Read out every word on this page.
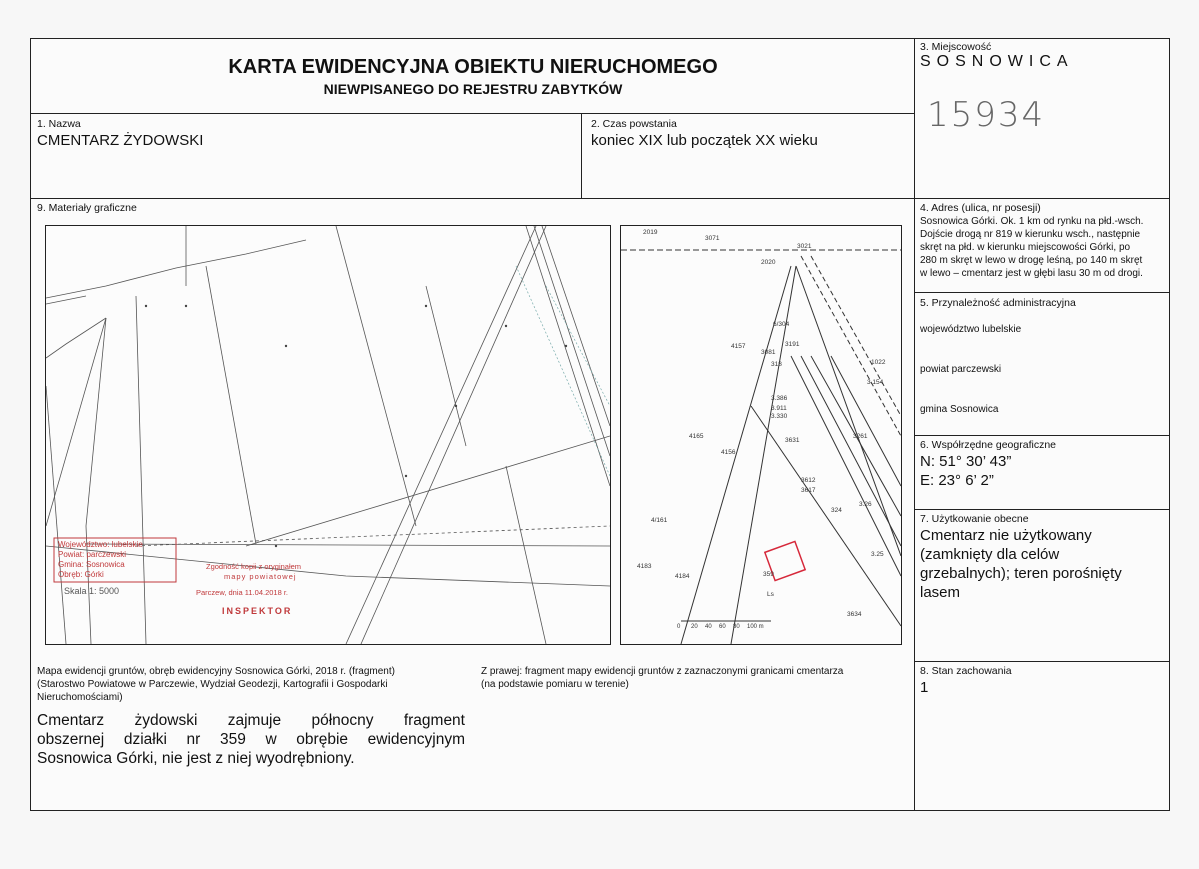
KARTA EWIDENCYJNA OBIEKTU NIERUCHOMEGO
NIEWPISANEGO DO REJESTRU ZABYTKÓW
3. Miejscowość
SOSNOWICA
15934
1. Nazwa
CMENTARZ ŻYDOWSKI
2. Czas powstania
koniec XIX lub początek XX wieku
9. Materiały graficzne	4. Adres (ulica, nr posesji)
Sosnowica Górki. Ok. 1 km od rynku na płd.-wsch.
Dojście drogą nr 819 w kierunku wsch., następnie
skręt na płd. w kierunku miejscowości Górki, po
280 m skręt w lewo w drogę leśną, po 140 m skręt
w lewo – cmentarz jest w głębi lasu 30 m od drogi.
5. Przynależność administracyjna
województwo lubelskie
powiat parczewski
gmina Sosnowica
6. Współrzędne geograficzne
N: 51° 30’ 43”
E: 23° 6’ 2”
7. Użytkowanie obecne
Cmentarz nie użytkowany
(zamknięty dla celów
grzebalnych); teren porośnięty
lasem
8. Stan zachowania
1
Mapa ewidencji gruntów, obręb ewidencyjny Sosnowica Górki, 2018 r. (fragment)
(Starostwo Powiatowe w Parczewie, Wydział Geodezji, Kartografii i Gospodarki
Nieruchomościami)
Z prawej: fragment mapy ewidencji gruntów z zaznaczonymi granicami cmentarza
(na podstawie pomiaru w terenie)
Cmentarz żydowski zajmuje północny fragment
obszernej działki nr 359 w obrębie ewidencyjnym
Sosnowica Górki, nie jest z niej wyodrębniony.
Województwo: lubelskie
Powiat: parczewski
Gmina: Sosnowica
Obręb: Górki
Skala 1: 5000
Zgodność kopii z oryginałem
mapy powiatowej
Parczew, dnia 11.04.2018 r.
INSPEKTOR
2019
3071
3021
2020
6/304
4157
3081
3191
318
3.386
3.911
3.330
4165
4156
3631
3261
3612
3617
3.26
324
4/161
4183
4184	359
Ls
3634
3.25
1022
3.154
0 20 40 60 80 100 m
